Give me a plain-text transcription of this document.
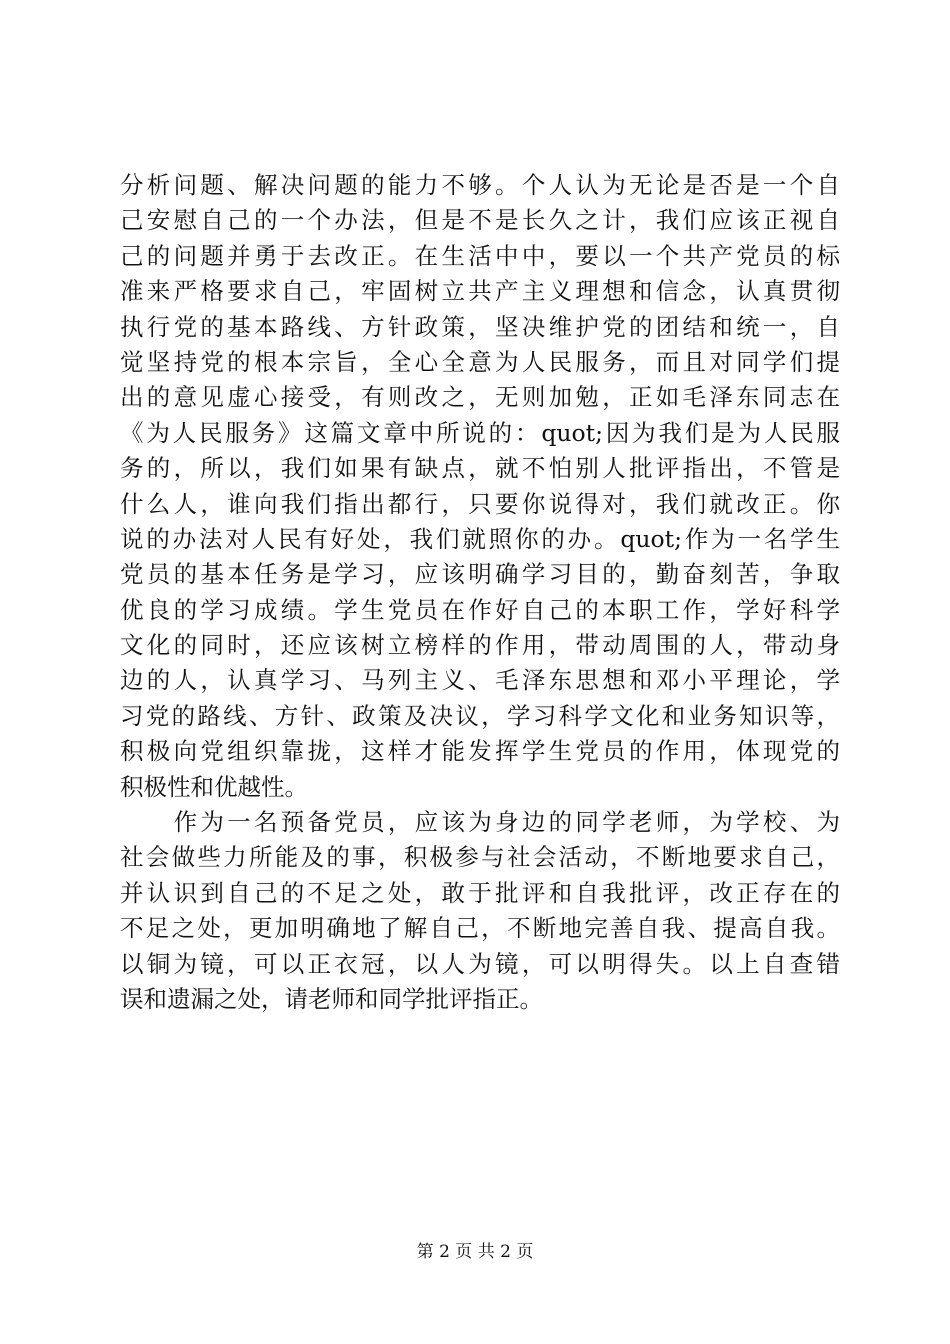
分析问题、解决问题的能力不够。个人认为无论是否是一个自
己安慰自己的一个办法，但是不是长久之计，我们应该正视自
己的问题并勇于去改正。在生活中中，要以一个共产党员的标
准来严格要求自己，牢固树立共产主义理想和信念，认真贯彻
执行党的基本路线、方针政策，坚决维护党的团结和统一，自
觉坚持党的根本宗旨，全心全意为人民服务，而且对同学们提
出的意见虚心接受，有则改之，无则加勉，正如毛泽东同志在
《为人民服务》这篇文章中所说的：quot;因为我们是为人民服
务的，所以，我们如果有缺点，就不怕别人批评指出，不管是
什么人，谁向我们指出都行，只要你说得对，我们就改正。你
说的办法对人民有好处，我们就照你的办。quot;作为一名学生
党员的基本任务是学习，应该明确学习目的，勤奋刻苦，争取
优良的学习成绩。学生党员在作好自己的本职工作，学好科学
文化的同时，还应该树立榜样的作用，带动周围的人，带动身
边的人，认真学习、马列主义、毛泽东思想和邓小平理论，学
习党的路线、方针、政策及决议，学习科学文化和业务知识等，
积极向党组织靠拢，这样才能发挥学生党员的作用，体现党的
积极性和优越性。
　　作为一名预备党员，应该为身边的同学老师，为学校、为
社会做些力所能及的事，积极参与社会活动，不断地要求自己，
并认识到自己的不足之处，敢于批评和自我批评，改正存在的
不足之处，更加明确地了解自己，不断地完善自我、提高自我。
以铜为镜，可以正衣冠，以人为镜，可以明得失。以上自查错
误和遗漏之处，请老师和同学批评指正。
第 2 页 共 2 页
